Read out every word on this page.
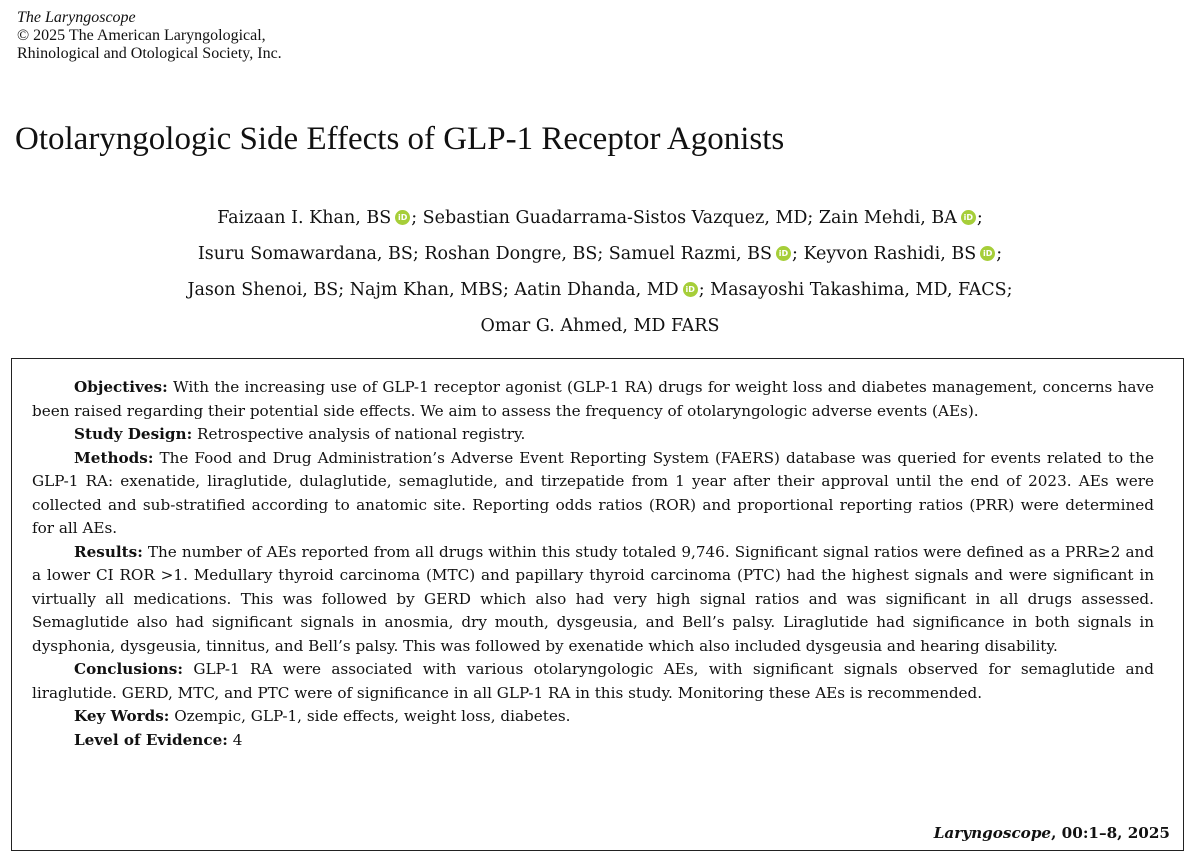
The Laryngoscope
© 2025 The American Laryngological,
Rhinological and Otological Society, Inc.
Otolaryngologic Side Effects of GLP-1 Receptor Agonists
Faizaan I. Khan, BS iD ; Sebastian Guadarrama-Sistos Vazquez, MD; Zain Mehdi, BA iD ;
Isuru Somawardana, BS; Roshan Dongre, BS; Samuel Razmi, BS iD ; Keyvon Rashidi, BS iD ;
Jason Shenoi, BS; Najm Khan, MBS; Aatin Dhanda, MD iD ; Masayoshi Takashima, MD, FACS;
Omar G. Ahmed, MD FARS

Objectives: With the increasing use of GLP-1 receptor agonist (GLP-1 RA) drugs for weight loss and diabetes management, concerns have been raised regarding their potential side effects. We aim to assess the frequency of otolaryngologic adverse events (AEs).

Study Design: Retrospective analysis of national registry.

Methods: The Food and Drug Administration’s Adverse Event Reporting System (FAERS) database was queried for events related to the GLP-1 RA: exenatide, liraglutide, dulaglutide, semaglutide, and tirzepatide from 1 year after their approval until the end of 2023. AEs were collected and sub-stratified according to anatomic site. Reporting odds ratios (ROR) and proportional reporting ratios (PRR) were determined for all AEs.

Results: The number of AEs reported from all drugs within this study totaled 9,746. Significant signal ratios were defined as a PRR≥2 and a lower CI ROR >1. Medullary thyroid carcinoma (MTC) and papillary thyroid carcinoma (PTC) had the highest signals and were significant in virtually all medications. This was followed by GERD which also had very high signal ratios and was significant in all drugs assessed. Semaglutide also had significant signals in anosmia, dry mouth, dysgeusia, and Bell’s palsy. Liraglutide had significance in both signals in dysphonia, dysgeusia, tinnitus, and Bell’s palsy. This was followed by exenatide which also included dysgeusia and hearing disability.

Conclusions: GLP-1 RA were associated with various otolaryngologic AEs, with significant signals observed for semaglutide and liraglutide. GERD, MTC, and PTC were of significance in all GLP-1 RA in this study. Monitoring these AEs is recommended.

Key Words: Ozempic, GLP-1, side effects, weight loss, diabetes.

Level of Evidence: 4

Laryngoscope, 00:1–8, 2025
